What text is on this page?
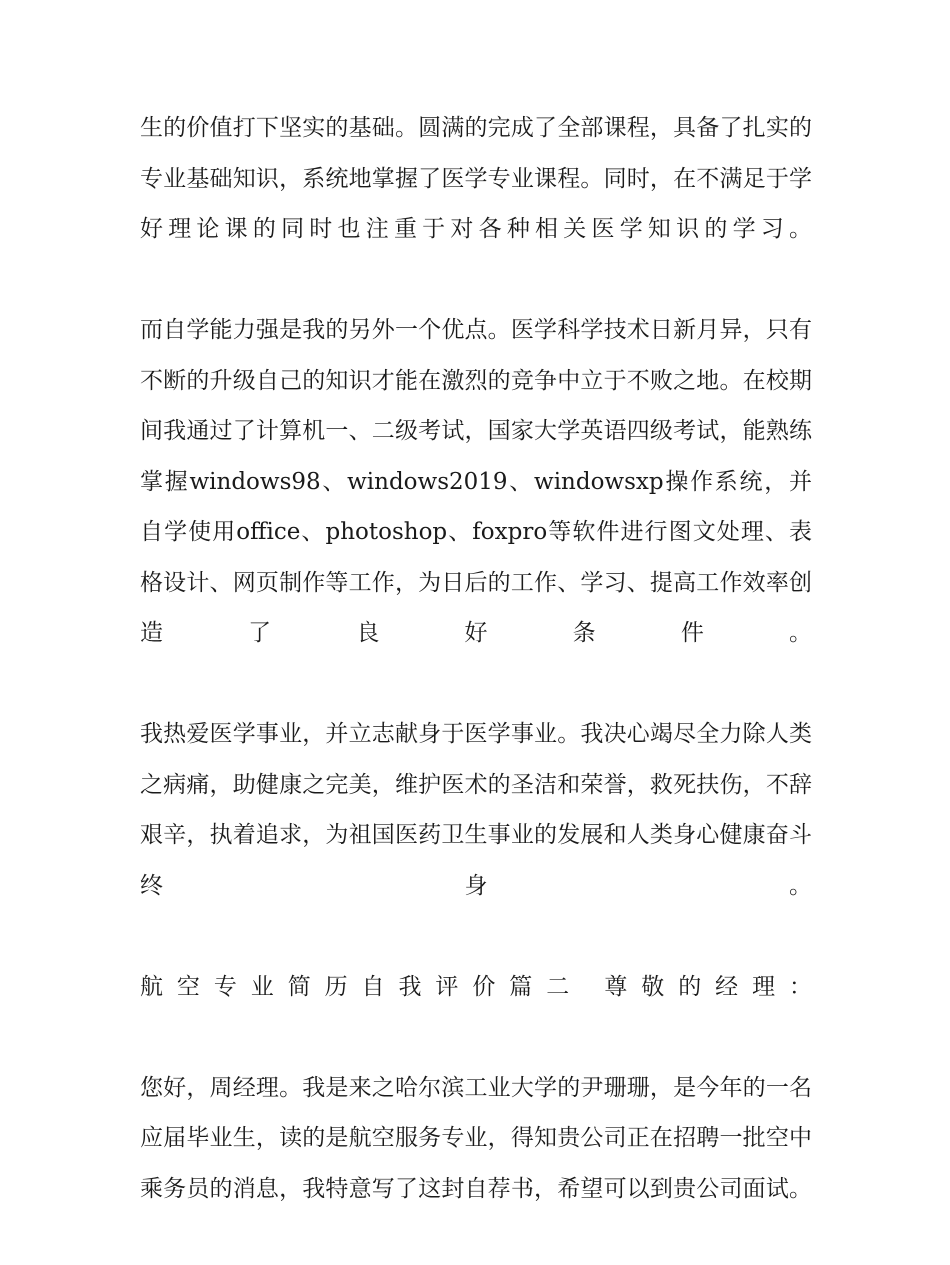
生的价值打下坚实的基础。圆满的完成了全部课程，具备了扎实的专业基础知识，系统地掌握了医学专业课程。同时，在不满足于学好理论课的同时也注重于对各种相关医学知识的学习。

而自学能力强是我的另外一个优点。医学科学技术日新月异，只有不断的升级自己的知识才能在激烈的竞争中立于不败之地。在校期间我通过了计算机一、二级考试，国家大学英语四级考试，能熟练掌握windows98、windows2019、windowsxp操作系统，并自学使用office、photoshop、foxpro等软件进行图文处理、表格设计、网页制作等工作，为日后的工作、学习、提高工作效率创造了良好条件。

我热爱医学事业，并立志献身于医学事业。我决心竭尽全力除人类之病痛，助健康之完美，维护医术的圣洁和荣誉，救死扶伤，不辞艰辛，执着追求，为祖国医药卫生事业的发展和人类身心健康奋斗终身。

航空专业简历自我评价篇二 尊敬的经理：

您好，周经理。我是来之哈尔滨工业大学的尹珊珊，是今年的一名应届毕业生，读的是航空服务专业，得知贵公司正在招聘一批空中乘务员的消息，我特意写了这封自荐书，希望可以到贵公司面试。
